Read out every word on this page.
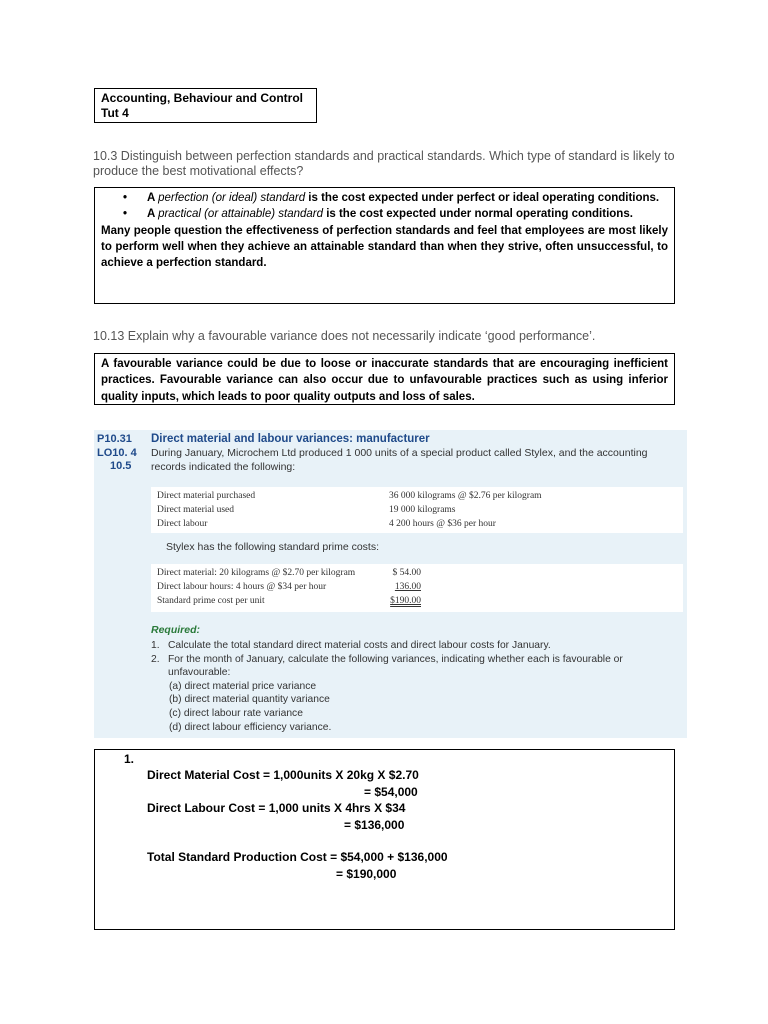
Accounting, Behaviour and Control
Tut 4
10.3 Distinguish between perfection standards and practical standards. Which type of standard is likely to produce the best motivational effects?
•	A perfection (or ideal) standard is the cost expected under perfect or ideal operating conditions.
•	A practical (or attainable) standard is the cost expected under normal operating conditions.
Many people question the effectiveness of perfection standards and feel that employees are most likely to perform well when they achieve an attainable standard than when they strive, often unsuccessful, to achieve a perfection standard.
10.13 Explain why a favourable variance does not necessarily indicate ‘good performance’.
A favourable variance could be due to loose or inaccurate standards that are encouraging inefficient practices. Favourable variance can also occur due to unfavourable practices such as using inferior quality inputs, which leads to poor quality outputs and loss of sales.
P10.31
LO10. 4
10.5
Direct material and labour variances: manufacturer
During January, Microchem Ltd produced 1 000 units of a special product called Stylex, and the accounting records indicated the following:
Direct material purchased	36 000 kilograms @ $2.76 per kilogram
Direct material used	19 000 kilograms
Direct labour	4 200 hours @ $36 per hour
Stylex has the following standard prime costs:
Direct material: 20 kilograms @ $2.70 per kilogram	$ 54.00
Direct labour hours: 4 hours @ $34 per hour	136.00
Standard prime cost per unit	$190.00
Required:
1. Calculate the total standard direct material costs and direct labour costs for January.
2. For the month of January, calculate the following variances, indicating whether each is favourable or unfavourable:
(a) direct material price variance
(b) direct material quantity variance
(c) direct labour rate variance
(d) direct labour efficiency variance.
1.
Direct Material Cost = 1,000units X 20kg X $2.70
= $54,000
Direct Labour Cost = 1,000 units X 4hrs X $34
= $136,000
Total Standard Production Cost = $54,000 + $136,000
= $190,000
